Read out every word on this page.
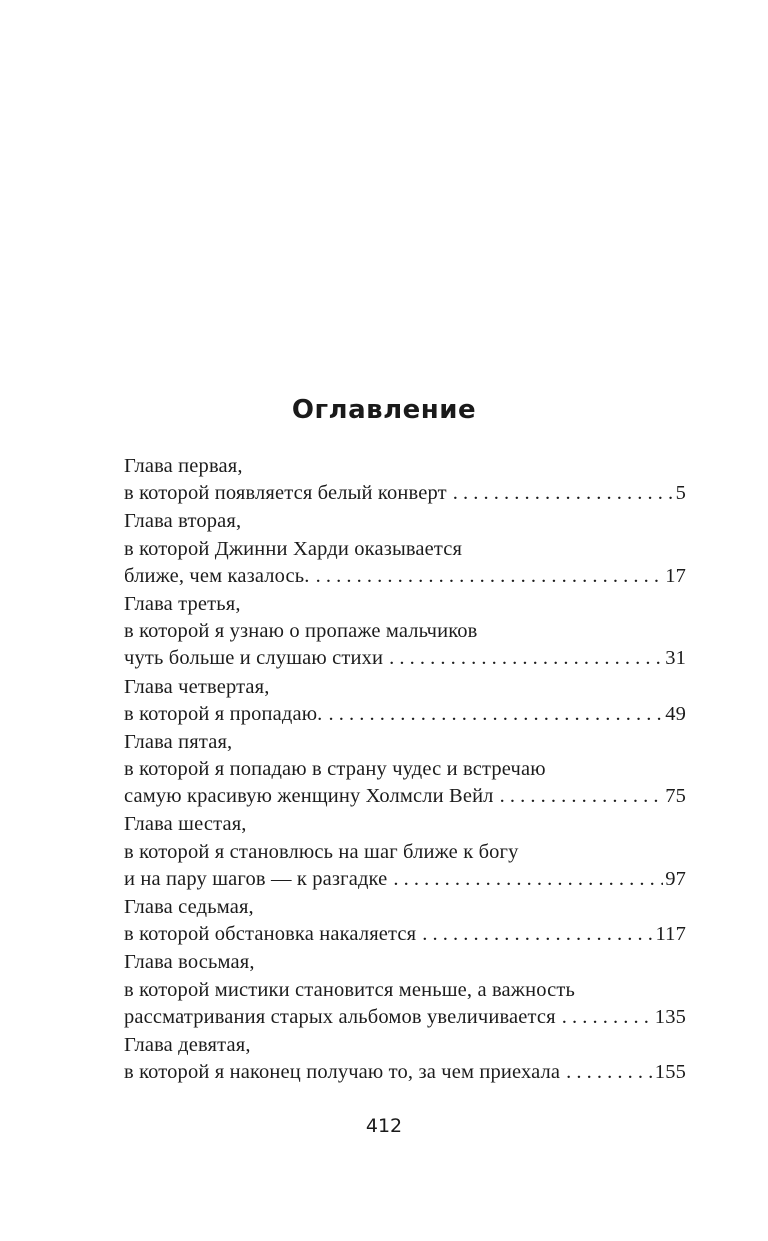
Оглавление
Глава первая,
в которой появляется белый конверт . . .	5
Глава вторая,
в которой Джинни Харди оказывается
ближе, чем казалось. . . .	17
Глава третья,
в которой я узнаю о пропаже мальчиков
чуть больше и слушаю стихи . . .	31
Глава четвертая,
в которой я пропадаю. . . .	49
Глава пятая,
в которой я попадаю в страну чудес и встречаю
самую красивую женщину Холмсли Вейл . . .	75
Глава шестая,
в которой я становлюсь на шаг ближе к богу
и на пару шагов — к разгадке . . .	97
Глава седьмая,
в которой обстановка накаляется . . .	117
Глава восьмая,
в которой мистики становится меньше, а важность
рассматривания старых альбомов увеличивается . . .	135
Глава девятая,
в которой я наконец получаю то, за чем приехала . . .	155
412
